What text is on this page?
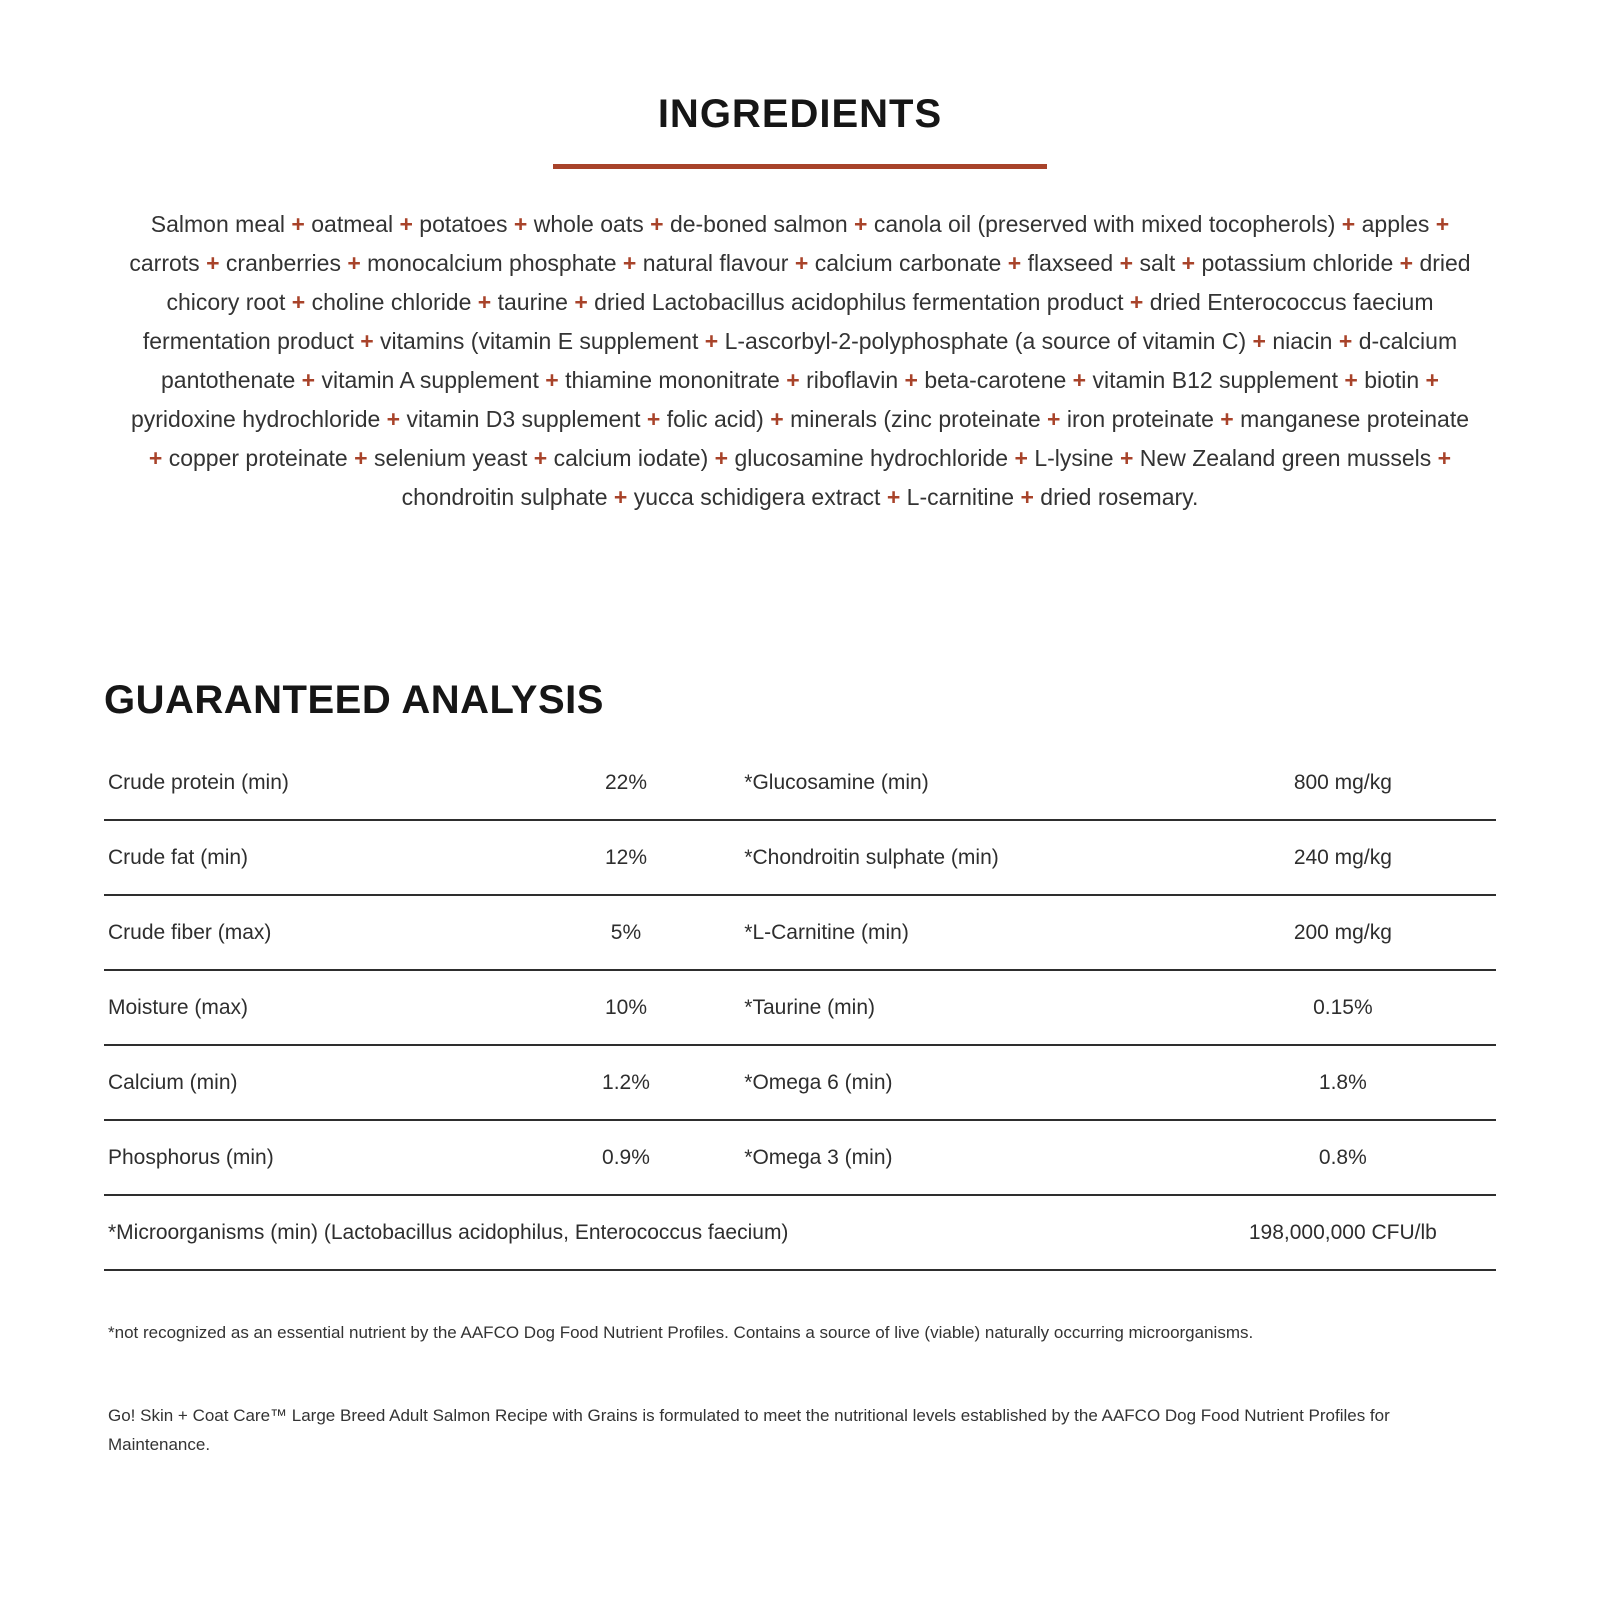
INGREDIENTS

Salmon meal + oatmeal + potatoes + whole oats + de-boned salmon + canola oil (preserved with mixed tocopherols) + apples + carrots + cranberries + monocalcium phosphate + natural flavour + calcium carbonate + flaxseed + salt + potassium chloride + dried chicory root + choline chloride + taurine + dried Lactobacillus acidophilus fermentation product + dried Enterococcus faecium fermentation product + vitamins (vitamin E supplement + L-ascorbyl-2-polyphosphate (a source of vitamin C) + niacin + d-calcium pantothenate + vitamin A supplement + thiamine mononitrate + riboflavin + beta-carotene + vitamin B12 supplement + biotin + pyridoxine hydrochloride + vitamin D3 supplement + folic acid) + minerals (zinc proteinate + iron proteinate + manganese proteinate + copper proteinate + selenium yeast + calcium iodate) + glucosamine hydrochloride + L-lysine + New Zealand green mussels + chondroitin sulphate + yucca schidigera extract + L-carnitine + dried rosemary.

GUARANTEED ANALYSIS
Crude protein (min)	22%	*Glucosamine (min)	800 mg/kg
Crude fat (min)	12%	*Chondroitin sulphate (min)	240 mg/kg
Crude fiber (max)	5%	*L-Carnitine (min)	200 mg/kg
Moisture (max)	10%	*Taurine (min)	0.15%
Calcium (min)	1.2%	*Omega 6 (min)	1.8%
Phosphorus (min)	0.9%	*Omega 3 (min)	0.8%
*Microorganisms (min) (Lactobacillus acidophilus, Enterococcus faecium)	198,000,000 CFU/lb

*not recognized as an essential nutrient by the AAFCO Dog Food Nutrient Profiles. Contains a source of live (viable) naturally occurring microorganisms.

Go! Skin + Coat Care™ Large Breed Adult Salmon Recipe with Grains is formulated to meet the nutritional levels established by the AAFCO Dog Food Nutrient Profiles for Maintenance.
